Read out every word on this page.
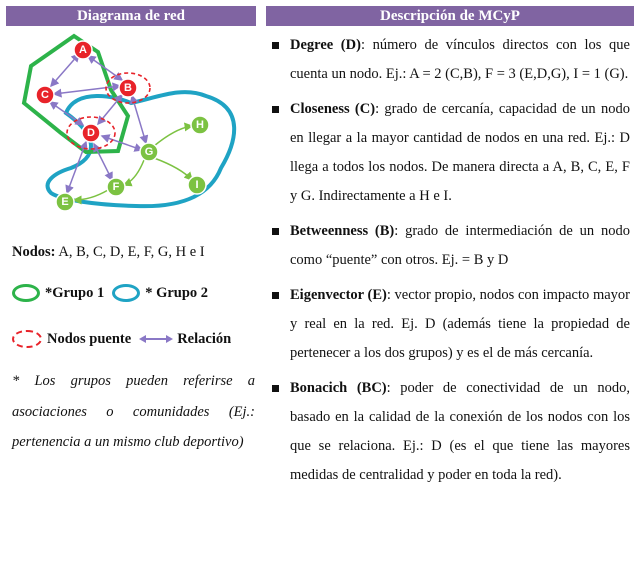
Diagrama de red	Descripción de MCyP
A
B
C
D
E
F
G
H
I
Nodos: A, B, C, D, E, F, G, H e I
*Grupo 1	* Grupo 2
Nodos puente	Relación
* Los grupos pueden referirse a asociaciones o comunidades (Ej.: pertenencia a un mismo club deportivo)
Degree (D): número de vínculos directos con los que cuenta un nodo. Ej.: A = 2 (C,B), F = 3 (E,D,G), I = 1 (G).
Closeness (C): grado de cercanía, capacidad de un nodo en llegar a la mayor cantidad de nodos en una red. Ej.: D llega a todos los nodos. De manera directa a A, B, C, E, F y G. Indirectamente a H e I.
Betweenness (B): grado de intermediación de un nodo como “puente” con otros. Ej. = B y D
Eigenvector (E): vector propio, nodos con impacto mayor y real en la red. Ej. D (además tiene la propiedad de pertenecer a los dos grupos) y es el de más cercanía.
Bonacich (BC): poder de conectividad de un nodo, basado en la calidad de la conexión de los nodos con los que se relaciona. Ej.: D (es el que tiene las mayores medidas de centralidad y poder en toda la red).
